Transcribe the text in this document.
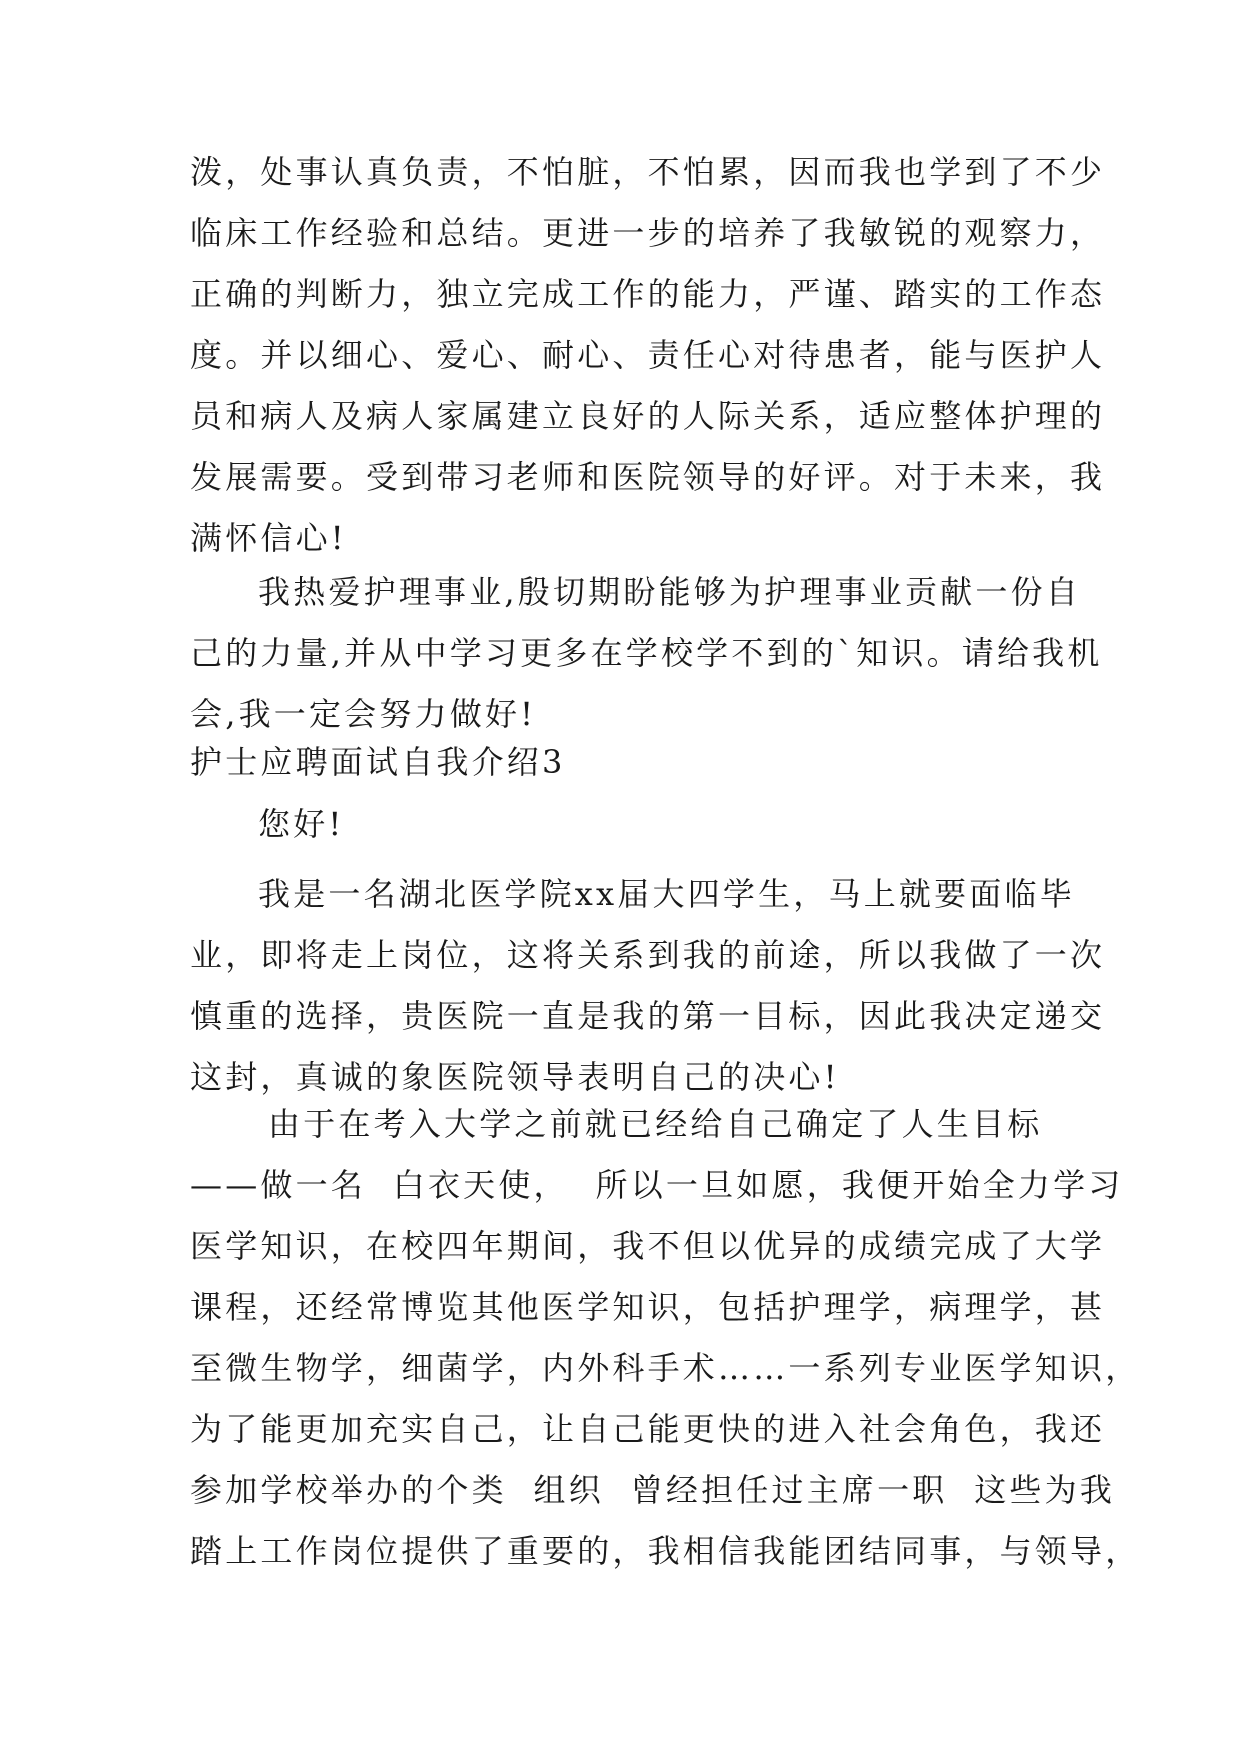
泼，处事认真负责，不怕脏，不怕累，因而我也学到了不少
临床工作经验和总结。更进一步的培养了我敏锐的观察力，
正确的判断力，独立完成工作的能力，严谨、踏实的工作态
度。并以细心、爱心、耐心、责任心对待患者，能与医护人
员和病人及病人家属建立良好的人际关系，适应整体护理的
发展需要。受到带习老师和医院领导的好评。对于未来，我
满怀信心!
我热爱护理事业,殷切期盼能够为护理事业贡献一份自
己的力量,并从中学习更多在学校学不到的`知识。请给我机
会,我一定会努力做好!
护士应聘面试自我介绍3
您好!
我是一名湖北医学院xx届大四学生，马上就要面临毕
业，即将走上岗位，这将关系到我的前途，所以我做了一次
慎重的选择，贵医院一直是我的第一目标，因此我决定递交
这封，真诚的象医院领导表明自己的决心!
由于在考入大学之前就已经给自己确定了人生目标
——做一名  白衣天使，  所以一旦如愿，我便开始全力学习
医学知识，在校四年期间，我不但以优异的成绩完成了大学
课程，还经常博览其他医学知识，包括护理学，病理学，甚
至微生物学，细菌学，内外科手术……一系列专业医学知识，
为了能更加充实自己，让自己能更快的进入社会角色，我还
参加学校举办的个类  组织  曾经担任过主席一职  这些为我
踏上工作岗位提供了重要的，我相信我能团结同事，与领导，
